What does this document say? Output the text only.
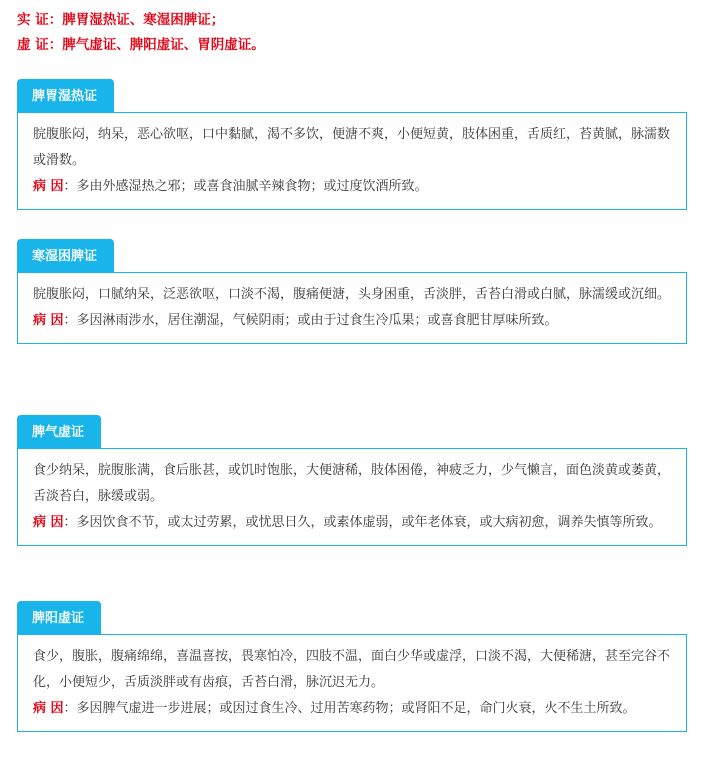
实 证：脾胃湿热证、寒湿困脾证；
虚 证：脾气虚证、脾阳虚证、胃阴虚证。
脾胃湿热证

脘腹胀闷，纳呆，恶心欲呕，口中黏腻，渴不多饮，便溏不爽，小便短黄，肢体困重，舌质红，苔黄腻，脉濡数或滑数。

病 因：多由外感湿热之邪；或喜食油腻辛辣食物；或过度饮酒所致。

寒湿困脾证

脘腹胀闷，口腻纳呆，泛恶欲呕，口淡不渴，腹痛便溏，头身困重，舌淡胖，舌苔白滑或白腻，脉濡缓或沉细。

病 因：多因淋雨涉水，居住潮湿，气候阴雨；或由于过食生冷瓜果；或喜食肥甘厚味所致。

脾气虚证

食少纳呆，脘腹胀满，食后胀甚，或饥时饱胀，大便溏稀，肢体困倦，神疲乏力，少气懒言，面色淡黄或萎黄，舌淡苔白，脉缓或弱。

病 因：多因饮食不节，或太过劳累，或忧思日久，或素体虚弱，或年老体衰，或大病初愈，调养失慎等所致。

脾阳虚证

食少，腹胀，腹痛绵绵，喜温喜按，畏寒怕冷，四肢不温，面白少华或虚浮，口淡不渴，大便稀溏，甚至完谷不化，小便短少，舌质淡胖或有齿痕，舌苔白滑，脉沉迟无力。

病 因：多因脾气虚进一步进展；或因过食生冷、过用苦寒药物；或肾阳不足，命门火衰，火不生土所致。
